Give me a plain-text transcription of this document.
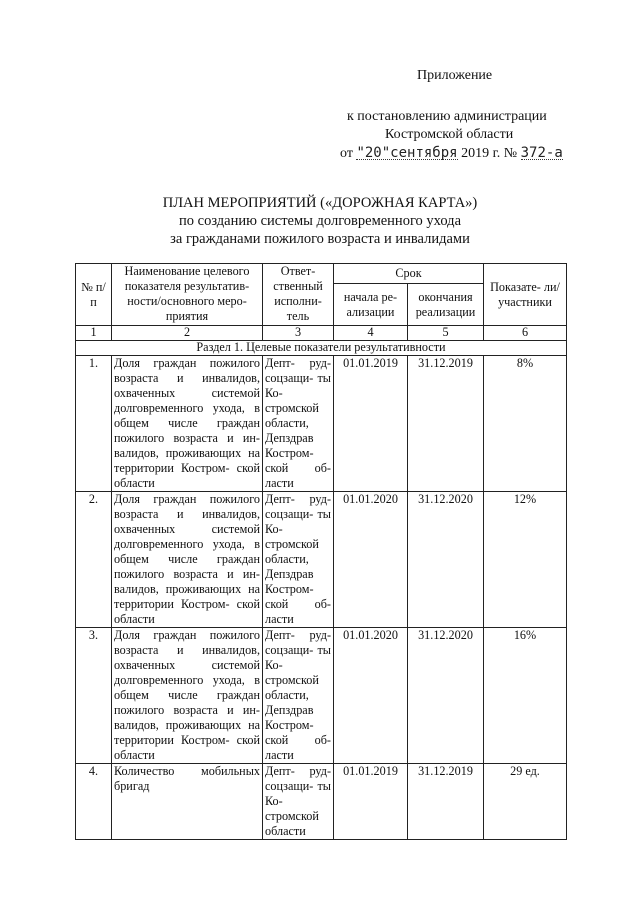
Приложение
к постановлению администрации
Костромской области
от "20"сентября 2019 г. № 372-а
ПЛАН МЕРОПРИЯТИЙ («ДОРОЖНАЯ КАРТА»)
по созданию системы долговременного ухода
за гражданами пожилого возраста и инвалидами
№ п/п	Наименование целевого показателя результатив- ности/основного меро- приятия	Ответ- ственный исполни- тель	Срок		Показате- ли/участники
			начала ре- ализации	окончания реализации	
1	2	3	4	5	6
Раздел 1. Целевые показатели результативности					
1.	Доля граждан пожилого возраста и инвалидов, охваченных системой долговременного ухода, в общем числе граждан пожилого возраста и ин- валидов, проживающих на территории Костром- ской области	Депт- руд- соцзащи- ты Ко- стромской области, Депздрав Костром- ской об- ласти	01.01.2019	31.12.2019	8%
2.	Доля граждан пожилого возраста и инвалидов, охваченных системой долговременного ухода, в общем числе граждан пожилого возраста и ин- валидов, проживающих на территории Костром- ской области	Депт- руд- соцзащи- ты Ко- стромской области, Депздрав Костром- ской об- ласти	01.01.2020	31.12.2020	12%
3.	Доля граждан пожилого возраста и инвалидов, охваченных системой долговременного ухода, в общем числе граждан пожилого возраста и ин- валидов, проживающих на территории Костром- ской области	Депт- руд- соцзащи- ты Ко- стромской области, Депздрав Костром- ской об- ласти	01.01.2020	31.12.2020	16%
4.	Количество мобильных бригад	Депт- руд- соцзащи- ты Ко- стромской области	01.01.2019	31.12.2019	29 ед.
